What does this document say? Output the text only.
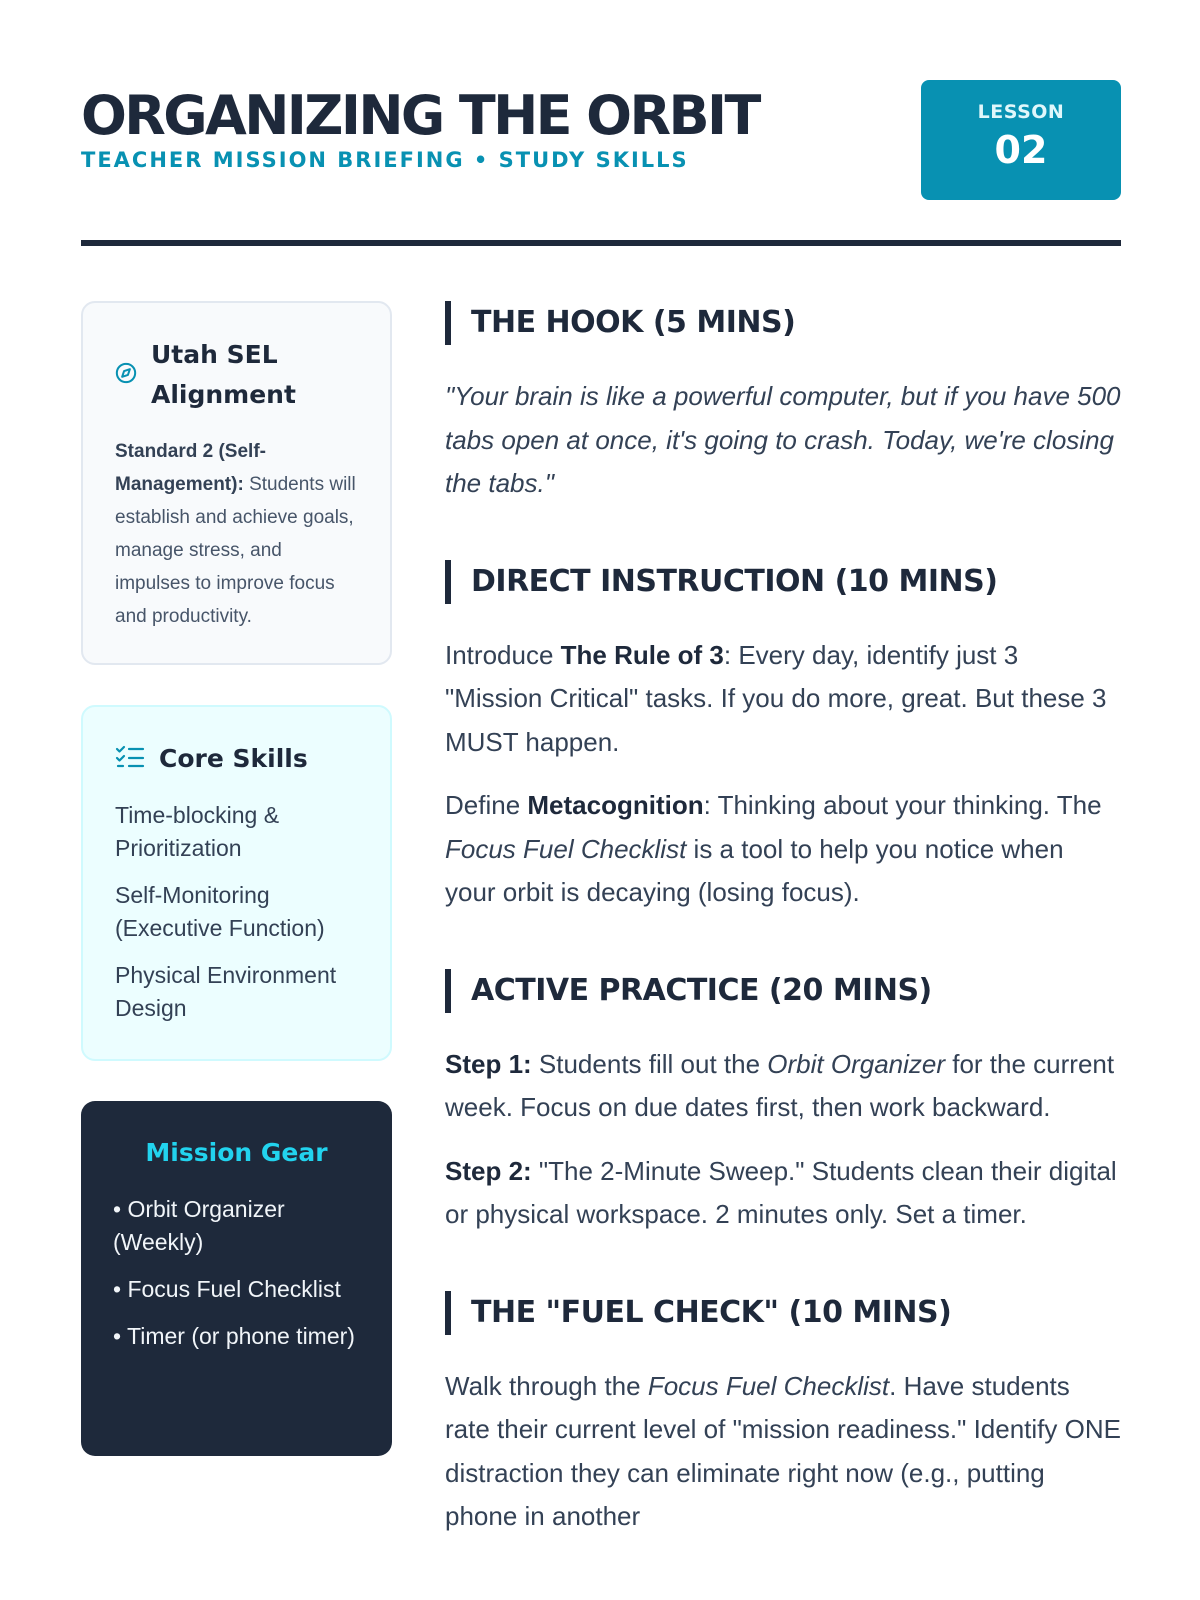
ORGANIZING THE ORBIT
TEACHER MISSION BRIEFING • STUDY SKILLS
LESSON
02
Utah SEL Alignment

Standard 2 (Self-Management): Students will establish and achieve goals, manage stress, and impulses to improve focus and productivity.

Core Skills
Time-blocking & Prioritization
Self-Monitoring (Executive Function)
Physical Environment Design
Mission Gear
• Orbit Organizer (Weekly)
• Focus Fuel Checklist
• Timer (or phone timer)
THE HOOK (5 MINS)

"Your brain is like a powerful computer, but if you have 500 tabs open at once, it's going to crash. Today, we're closing the tabs."

DIRECT INSTRUCTION (10 MINS)

Introduce The Rule of 3: Every day, identify just 3 "Mission Critical" tasks. If you do more, great. But these 3 MUST happen.

Define Metacognition: Thinking about your thinking. The Focus Fuel Checklist is a tool to help you notice when your orbit is decaying (losing focus).

ACTIVE PRACTICE (20 MINS)

Step 1: Students fill out the Orbit Organizer for the current week. Focus on due dates first, then work backward.

Step 2: "The 2-Minute Sweep." Students clean their digital or physical workspace. 2 minutes only. Set a timer.

THE "FUEL CHECK" (10 MINS)

Walk through the Focus Fuel Checklist. Have students rate their current level of "mission readiness." Identify ONE distraction they can eliminate right now (e.g., putting phone in another
